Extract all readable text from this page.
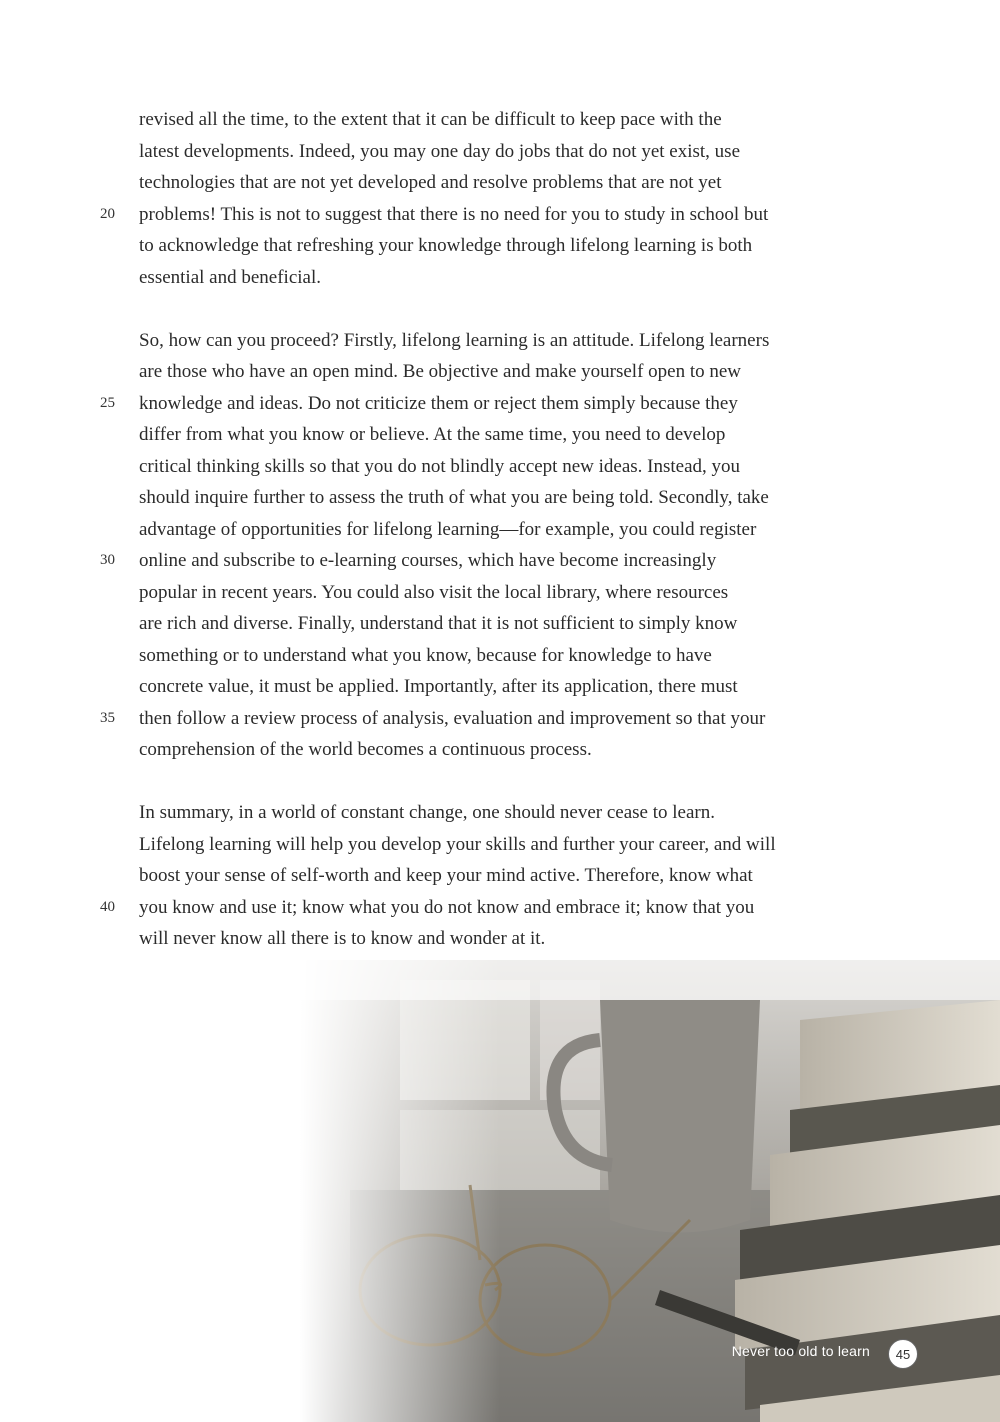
revised all the time, to the extent that it can be difficult to keep pace with the
latest developments. Indeed, you may one day do jobs that do not yet exist, use
technologies that are not yet developed and resolve problems that are not yet
20	problems! This is not to suggest that there is no need for you to study in school but
to acknowledge that refreshing your knowledge through lifelong learning is both
essential and beneficial.
So, how can you proceed? Firstly, lifelong learning is an attitude. Lifelong learners
are those who have an open mind. Be objective and make yourself open to new
25	knowledge and ideas. Do not criticize them or reject them simply because they
differ from what you know or believe. At the same time, you need to develop
critical thinking skills so that you do not blindly accept new ideas. Instead, you
should inquire further to assess the truth of what you are being told. Secondly, take
advantage of opportunities for lifelong learning—for example, you could register
30	online and subscribe to e-learning courses, which have become increasingly
popular in recent years. You could also visit the local library, where resources
are rich and diverse. Finally, understand that it is not sufficient to simply know
something or to understand what you know, because for knowledge to have
concrete value, it must be applied. Importantly, after its application, there must
35	then follow a review process of analysis, evaluation and improvement so that your
comprehension of the world becomes a continuous process.
In summary, in a world of constant change, one should never cease to learn.
Lifelong learning will help you develop your skills and further your career, and will
boost your sense of self-worth and keep your mind active. Therefore, know what
40	you know and use it; know what you do not know and embrace it; know that you
will never know all there is to know and wonder at it.
Never too old to learn	45
